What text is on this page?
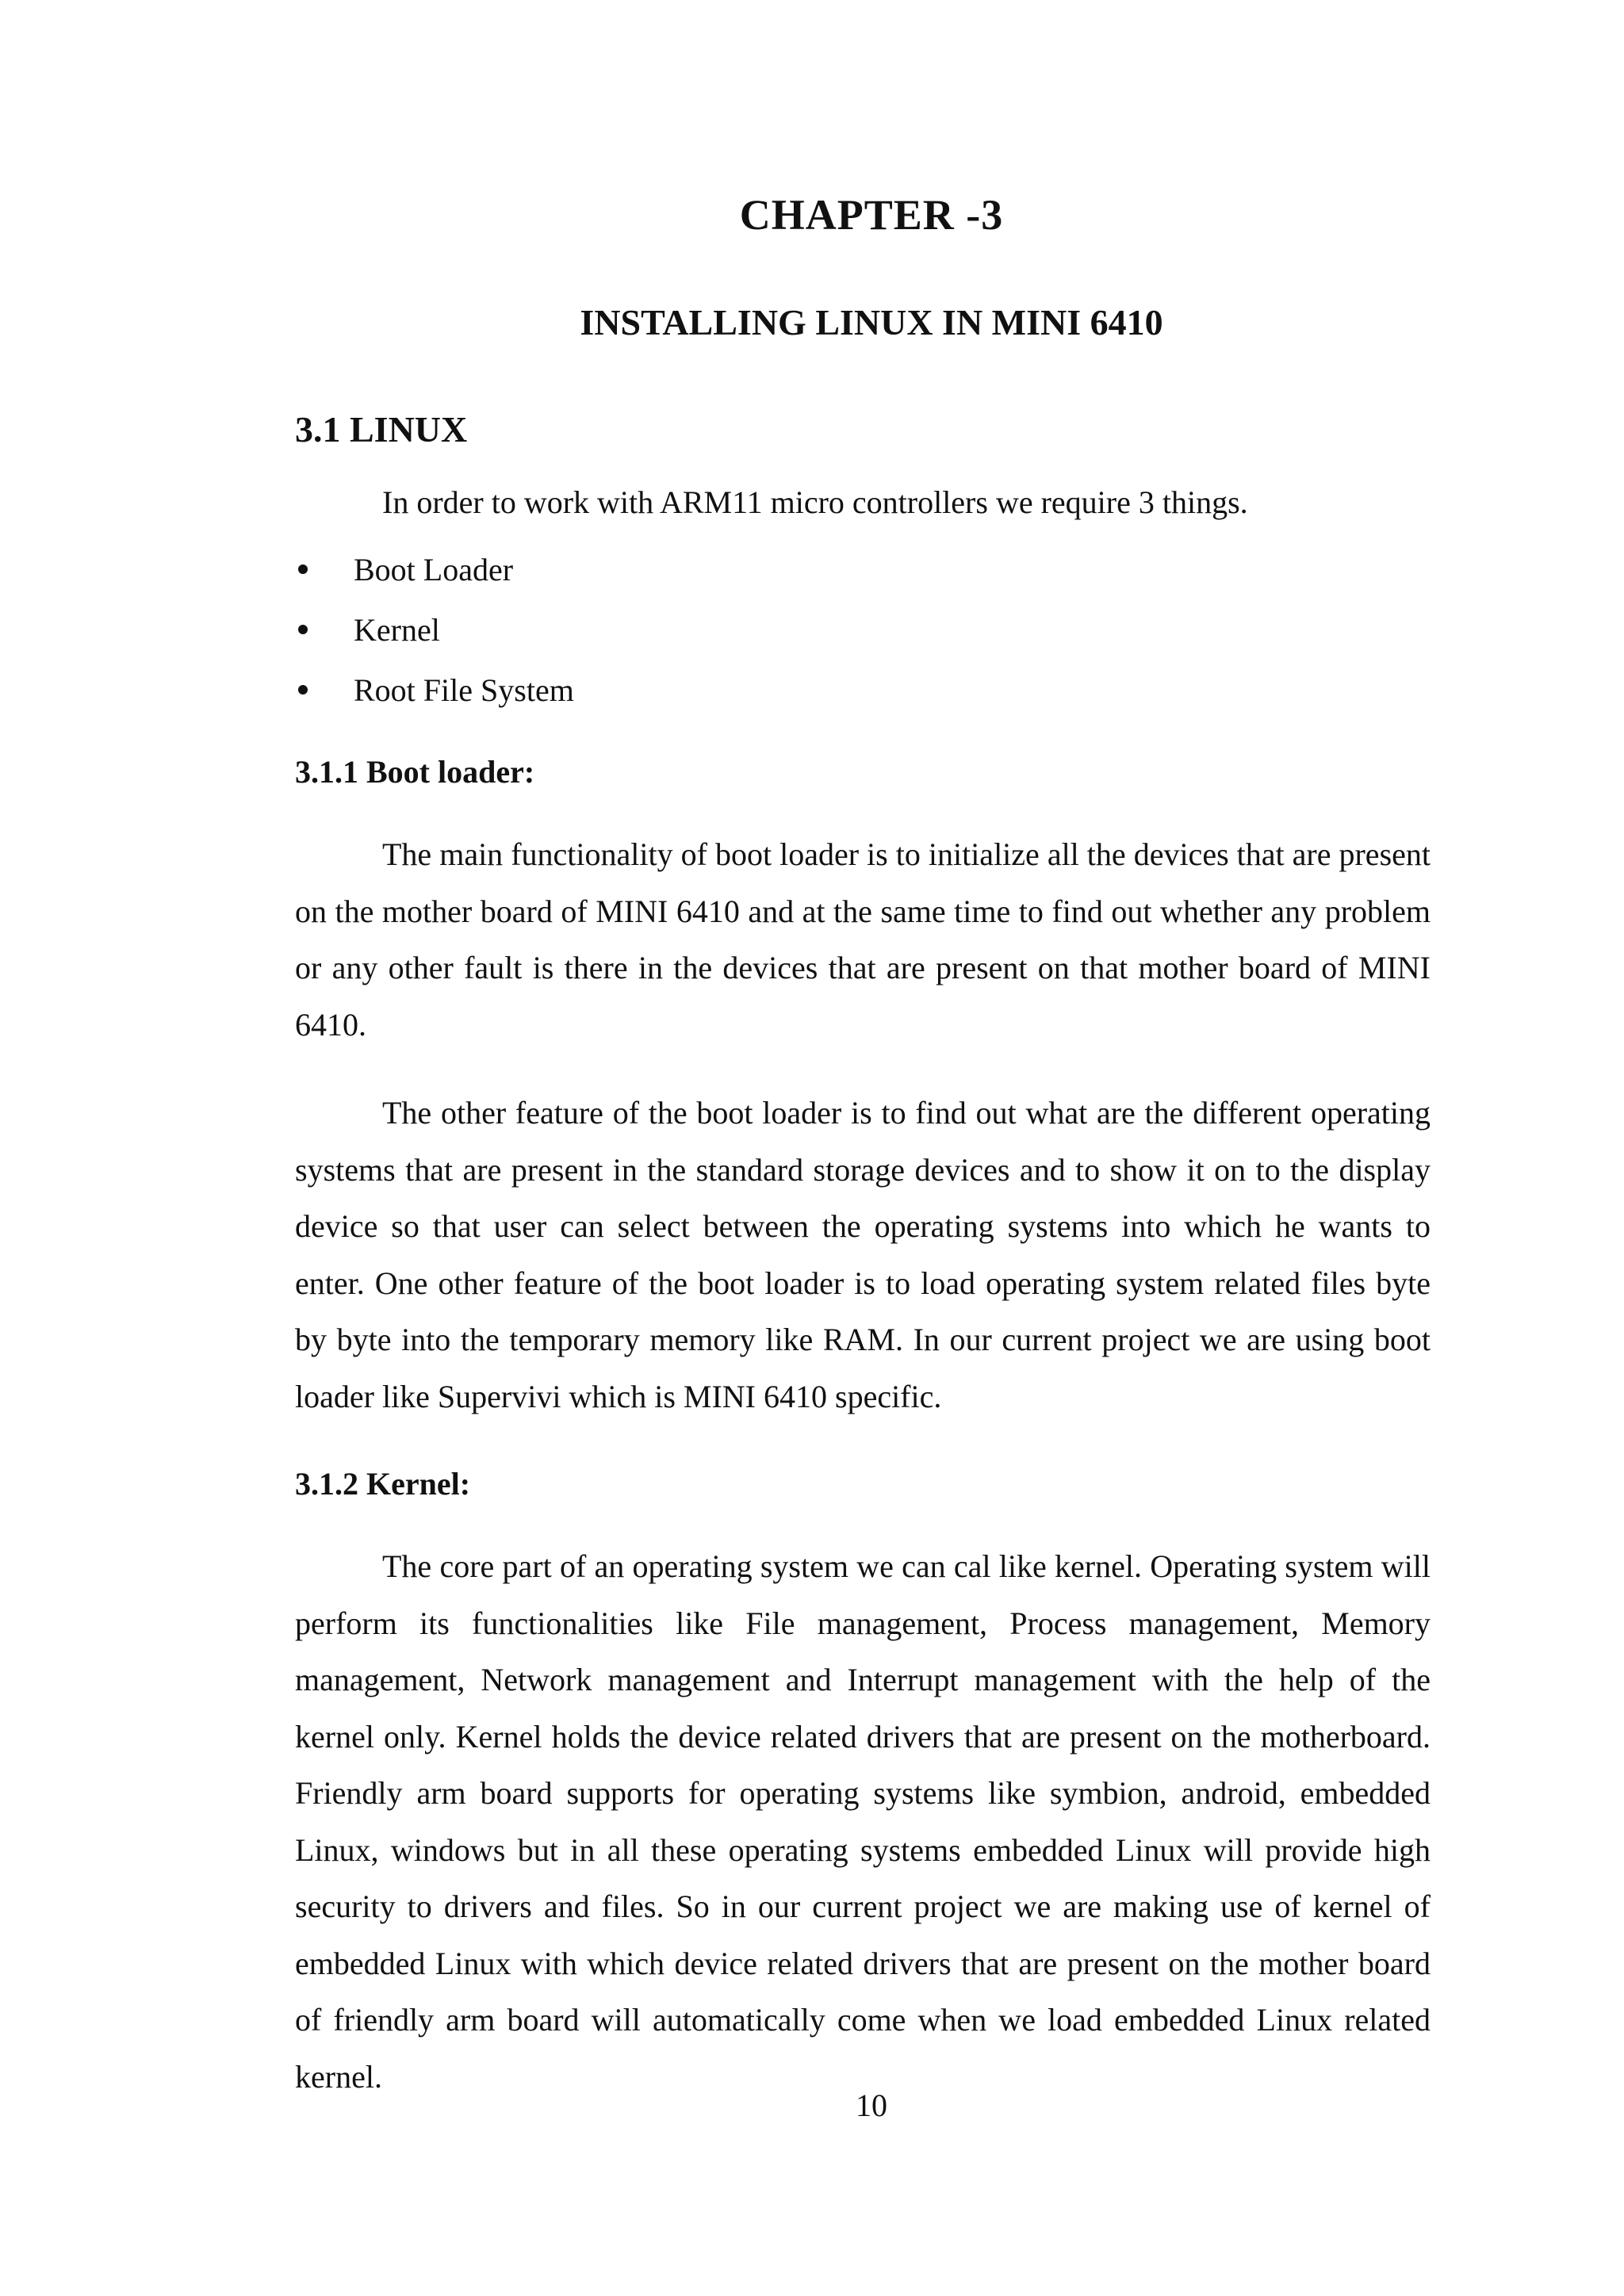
CHAPTER -3
INSTALLING LINUX IN MINI 6410
3.1 LINUX
In order to work with ARM11 micro controllers we require 3 things.
Boot Loader
Kernel
Root File System
3.1.1 Boot loader:

The main functionality of boot loader is to initialize all the devices that are present on the mother board of MINI 6410 and at the same time to find out whether any problem or any other fault is there in the devices that are present on that mother board of MINI 6410.

The other feature of the boot loader is to find out what are the different operating systems that are present in the standard storage devices and to show it on to the display device so that user can select between the operating systems into which he wants to enter. One other feature of the boot loader is to load operating system related files byte by byte into the temporary memory like RAM. In our current project we are using boot loader like Supervivi which is MINI 6410 specific.

3.1.2 Kernel:

The core part of an operating system we can cal like kernel. Operating system will perform its functionalities like File management, Process management, Memory management, Network management and Interrupt management with the help of the kernel only. Kernel holds the device related drivers that are present on the motherboard. Friendly arm board supports for operating systems like symbion, android, embedded Linux, windows but in all these operating systems embedded Linux will provide high security to drivers and files. So in our current project we are making use of kernel of embedded Linux with which device related drivers that are present on the mother board of friendly arm board will automatically come when we load embedded Linux related kernel.

10
